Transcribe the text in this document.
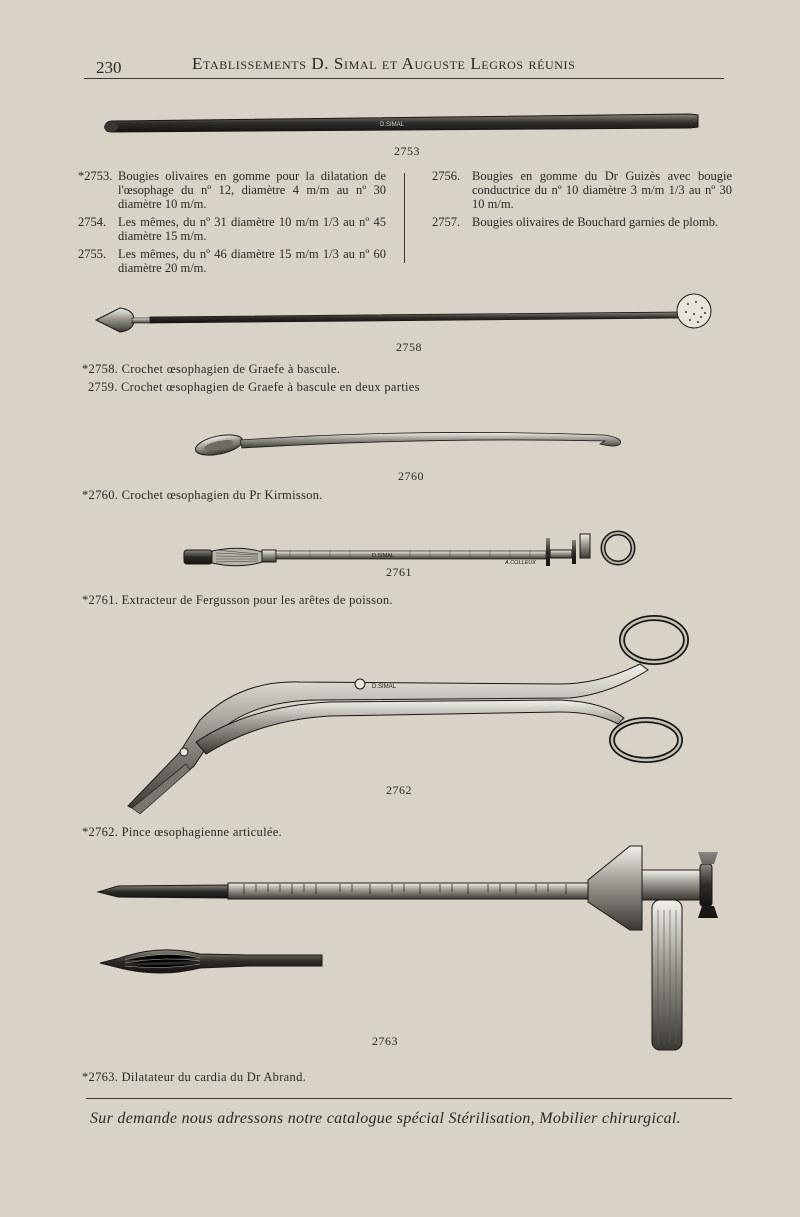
230	Etablissements D. Simal et Auguste Legros réunis
D.SIMAL
D.SIMAL
A.COLLEUX
D.SIMAL
2753
*2753. Bougies olivaires en gomme pour la dilatation de l'œsophage du nº 12, diamètre 4 m/m au nº 30 diamètre 10 m/m.
2754. Les mêmes, du nº 31 diamètre 10 m/m 1/3 au nº 45 diamètre 15 m/m.
2755. Les mêmes, du nº 46 diamètre 15 m/m 1/3 au nº 60 diamètre 20 m/m.
2756. Bougies en gomme du Dr Guizès avec bougie conductrice du nº 10 diamètre 3 m/m 1/3 au nº 30 10 m/m.
2757. Bougies olivaires de Bouchard garnies de plomb.
2758
*2758. Crochet œsophagien de Graefe à bascule.
2759. Crochet œsophagien de Graefe à bascule en deux parties
2760
*2760. Crochet œsophagien du Pr Kirmisson.
2761
*2761. Extracteur de Fergusson pour les arêtes de poisson.
2762
*2762. Pince œsophagienne articulée.
2763
*2763. Dilatateur du cardia du Dr Abrand.
Sur demande nous adressons notre catalogue spécial Stérilisation, Mobilier chirurgical.
